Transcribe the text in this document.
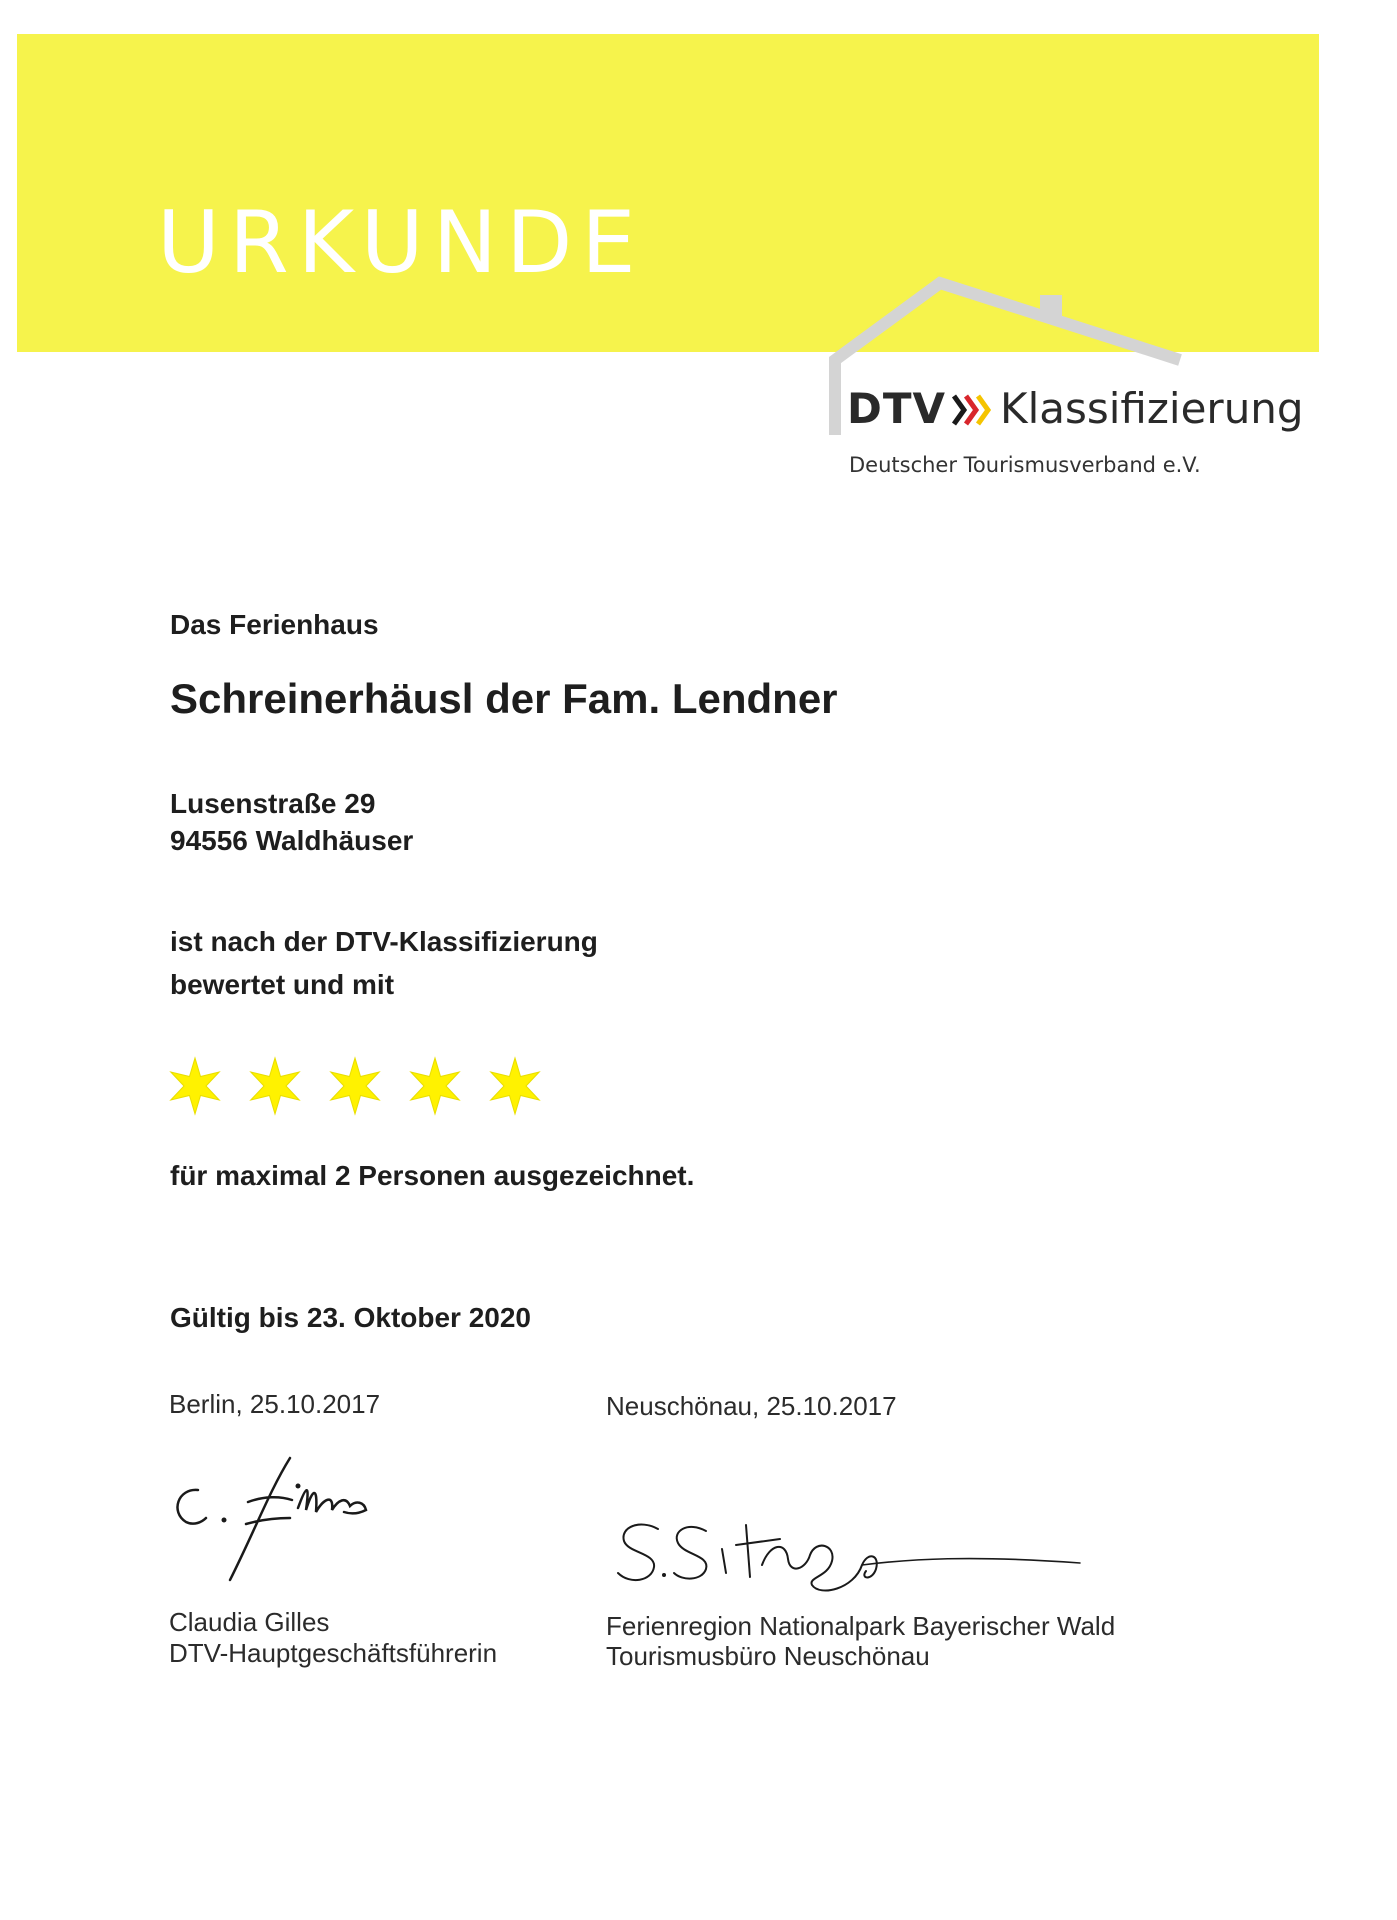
URKUNDE
DTV Klassifizierung
Deutscher Tourismusverband e.V.
Das Ferienhaus
Schreinerhäusl der Fam. Lendner
Lusenstraße 29
94556 Waldhäuser
ist nach der DTV-Klassifizierung
bewertet und mit
für maximal 2 Personen ausgezeichnet.
Gültig bis 23. Oktober 2020
Berlin, 25.10.2017	Neuschönau, 25.10.2017
Claudia Gilles
DTV-Hauptgeschäftsführerin
Ferienregion Nationalpark Bayerischer Wald
Tourismusbüro Neuschönau
